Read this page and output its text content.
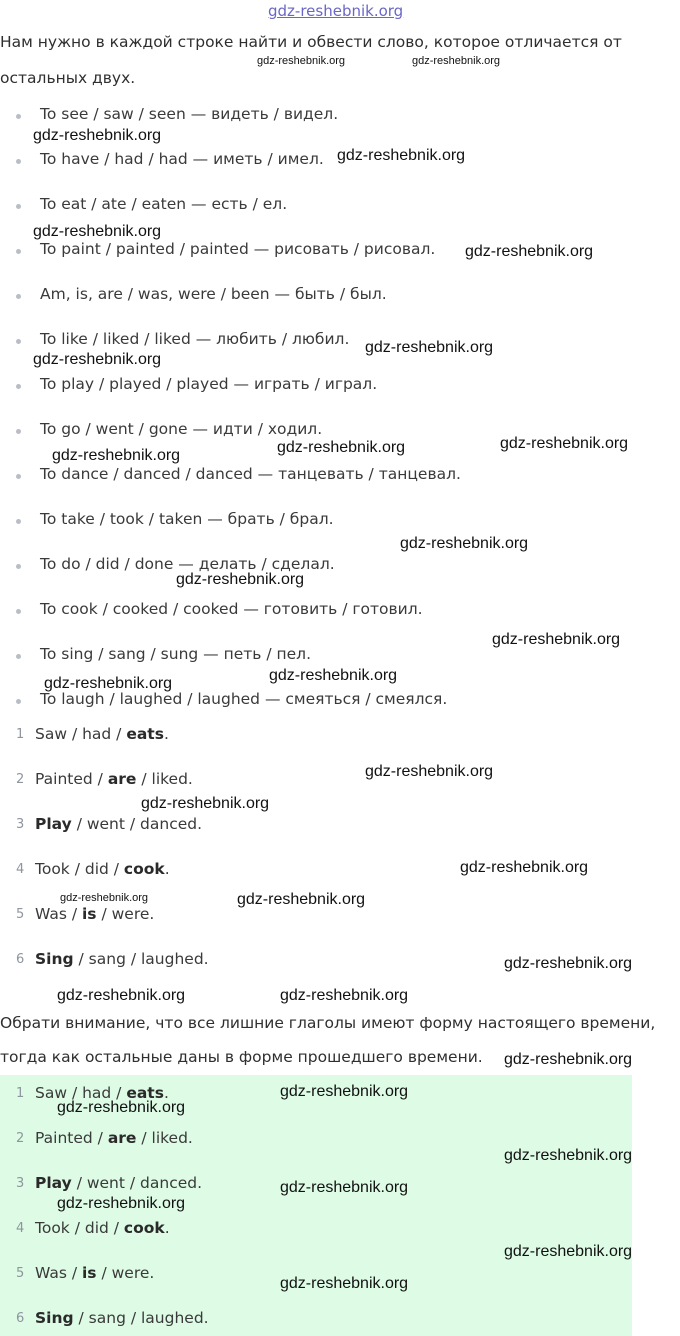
gdz-reshebnik.org
Нам нужно в каждой строке найти и обвести слово, которое отличается от
остальных двух.
To see / saw / seen — видеть / видел.
To have / had / had — иметь / имел.
To eat / ate / eaten — есть / ел.
To paint / painted / painted — рисовать / рисовал.
Am, is, are / was, were / been — быть / был.
To like / liked / liked — любить / любил.
To play / played / played — играть / играл.
To go / went / gone — идти / ходил.
To dance / danced / danced — танцевать / танцевал.
To take / took / taken — брать / брал.
To do / did / done — делать / сделал.
To cook / cooked / cooked — готовить / готовил.
To sing / sang / sung — петь / пел.
To laugh / laughed / laughed — смеяться / смеялся.
1 Saw / had / eats.
2 Painted / are / liked.
3 Play / went / danced.
4 Took / did / cook.
5 Was / is / were.
6 Sing / sang / laughed.
Обрати внимание, что все лишние глаголы имеют форму настоящего времени,
тогда как остальные даны в форме прошедшего времени.
1 Saw / had / eats.
2 Painted / are / liked.
3 Play / went / danced.
4 Took / did / cook.
5 Was / is / were.
6 Sing / sang / laughed.
gdz-reshebnik.org
gdz-reshebnik.org
gdz-reshebnik.org
gdz-reshebnik.org
gdz-reshebnik.org
gdz-reshebnik.org
gdz-reshebnik.org	gdz-reshebnik.org	gdz-reshebnik.org
gdz-reshebnik.org
gdz-reshebnik.org
gdz-reshebnik.org
gdz-reshebnik.org
gdz-reshebnik.org
gdz-reshebnik.org
gdz-reshebnik.org
gdz-reshebnik.org
gdz-reshebnik.org
gdz-reshebnik.org
gdz-reshebnik.org	gdz-reshebnik.org
gdz-reshebnik.org
gdz-reshebnik.org
gdz-reshebnik.org
gdz-reshebnik.org
gdz-reshebnik.org
gdz-reshebnik.org
gdz-reshebnik.org
gdz-reshebnik.org
gdz-reshebnik.org	gdz-reshebnik.org
gdz-reshebnik.org
